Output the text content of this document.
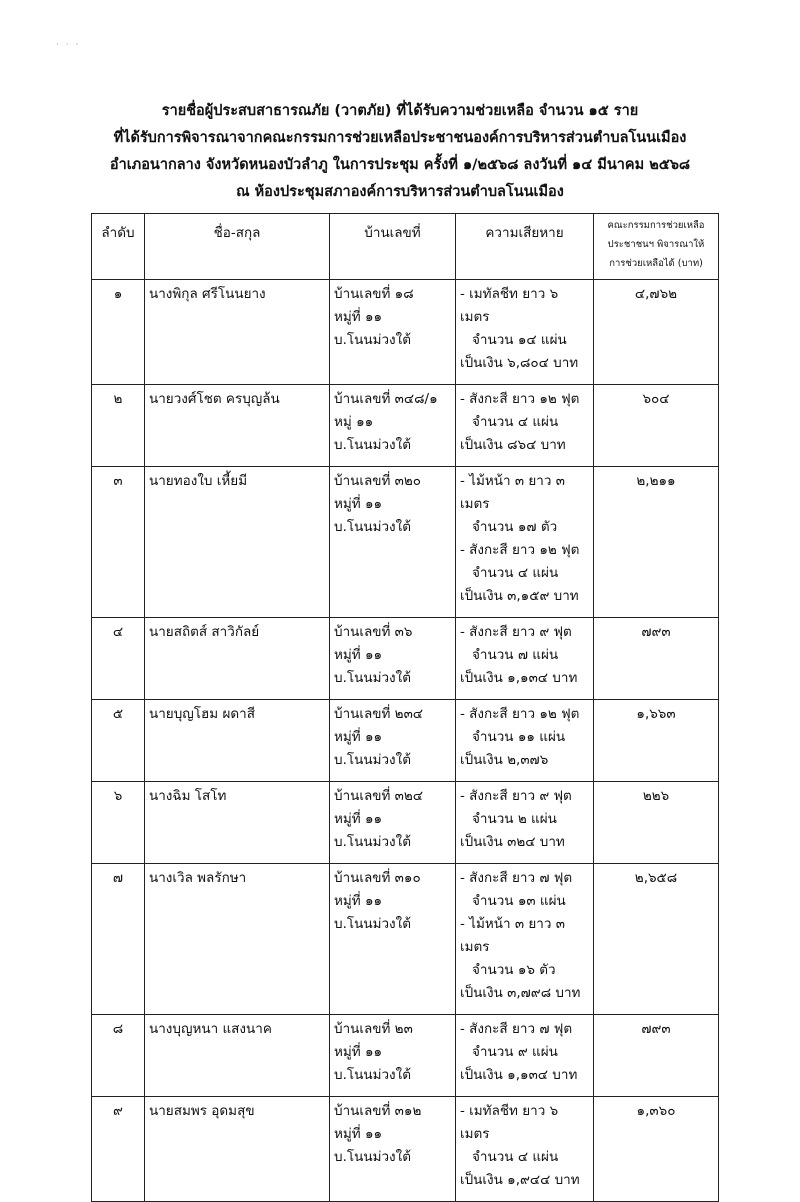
· · ·
รายชื่อผู้ประสบสาธารณภัย (วาตภัย) ที่ได้รับความช่วยเหลือ จำนวน ๑๕ ราย
ที่ได้รับการพิจารณาจากคณะกรรมการช่วยเหลือประชาชนองค์การบริหารส่วนตำบลโนนเมือง
อำเภอนากลาง จังหวัดหนองบัวลำภู ในการประชุม ครั้งที่ ๑/๒๕๖๘ ลงวันที่ ๑๔ มีนาคม ๒๕๖๘
ณ ห้องประชุมสภาองค์การบริหารส่วนตำบลโนนเมือง
ลำดับ	ชื่อ-สกุล	บ้านเลขที่	ความเสียหาย	คณะกรรมการช่วยเหลือ
ประชาชนฯ พิจารณาให้
การช่วยเหลือได้ (บาท)

๑	นางพิกุล ศรีโนนยาง	บ้านเลขที่ ๑๘
หมู่ที่ ๑๑
บ.โนนม่วงใต้	- เมทัลชีท ยาว ๖ เมตร
จำนวน ๑๔ แผ่น
เป็นเงิน ๖,๘๐๔ บาท	๔,๗๖๒
๒	นายวงศ์โชต ครบุญล้น	บ้านเลขที่ ๓๔๘/๑
หมู่ ๑๑
บ.โนนม่วงใต้	- สังกะสี ยาว ๑๒ ฟุต
จำนวน ๔ แผ่น
เป็นเงิน ๘๖๔ บาท	๖๐๔
๓	นายทองใบ เหี้ยมี	บ้านเลขที่ ๓๒๐
หมู่ที่ ๑๑
บ.โนนม่วงใต้	- ไม้หน้า ๓ ยาว ๓ เมตร
จำนวน ๑๗ ตัว
- สังกะสี ยาว ๑๒ ฟุต
จำนวน ๔ แผ่น
เป็นเงิน ๓,๑๕๙ บาท	๒,๒๑๑
๔	นายสถิตส์ สาวิกัลย์	บ้านเลขที่ ๓๖
หมู่ที่ ๑๑
บ.โนนม่วงใต้	- สังกะสี ยาว ๙ ฟุต
จำนวน ๗ แผ่น
เป็นเงิน ๑,๑๓๔ บาท	๗๙๓
๕	นายบุญโฮม ผดาสี	บ้านเลขที่ ๒๓๔
หมู่ที่ ๑๑
บ.โนนม่วงใต้	- สังกะสี ยาว ๑๒ ฟุต
จำนวน ๑๑ แผ่น
เป็นเงิน ๒,๓๗๖	๑,๖๖๓
๖	นางฉิม โสโท	บ้านเลขที่ ๓๒๔
หมู่ที่ ๑๑
บ.โนนม่วงใต้	- สังกะสี ยาว ๙ ฟุต
จำนวน ๒ แผ่น
เป็นเงิน ๓๒๔ บาท	๒๒๖
๗	นางเวิล พลรักษา	บ้านเลขที่ ๓๑๐
หมู่ที่ ๑๑
บ.โนนม่วงใต้	- สังกะสี ยาว ๗ ฟุต
จำนวน ๑๓ แผ่น
- ไม้หน้า ๓ ยาว ๓ เมตร
จำนวน ๑๖ ตัว
เป็นเงิน ๓,๗๙๘ บาท	๒,๖๕๘
๘	นางบุญหนา แสงนาค	บ้านเลขที่ ๒๓
หมู่ที่ ๑๑
บ.โนนม่วงใต้	- สังกะสี ยาว ๗ ฟุต
จำนวน ๙ แผ่น
เป็นเงิน ๑,๑๓๔ บาท	๗๙๓
๙	นายสมพร อุดมสุข	บ้านเลขที่ ๓๑๒
หมู่ที่ ๑๑
บ.โนนม่วงใต้	- เมทัลชีท ยาว ๖ เมตร
จำนวน ๔ แผ่น
เป็นเงิน ๑,๙๔๔ บาท	๑,๓๖๐
